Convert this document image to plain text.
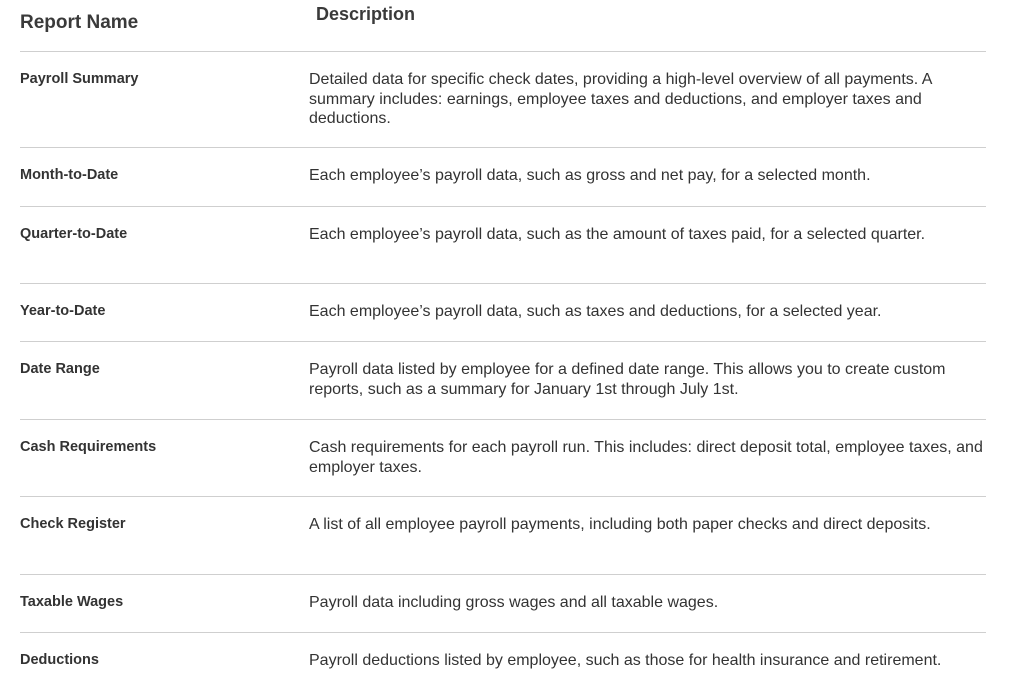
Report Name	Description
Payroll Summary	Detailed data for specific check dates, providing a high-level overview of all payments. A summary includes: earnings, employee taxes and deductions, and employer taxes and deductions.
Month-to-Date	Each employee’s payroll data, such as gross and net pay, for a selected month.
Quarter-to-Date	Each employee’s payroll data, such as the amount of taxes paid, for a selected quarter.
Year-to-Date	Each employee’s payroll data, such as taxes and deductions, for a selected year.
Date Range	Payroll data listed by employee for a defined date range. This allows you to create custom reports, such as a summary for January 1st through July 1st.
Cash Requirements	Cash requirements for each payroll run. This includes: direct deposit total, employee taxes, and employer taxes.
Check Register	A list of all employee payroll payments, including both paper checks and direct deposits.
Taxable Wages	Payroll data including gross wages and all taxable wages.
Deductions	Payroll deductions listed by employee, such as those for health insurance and retirement.
